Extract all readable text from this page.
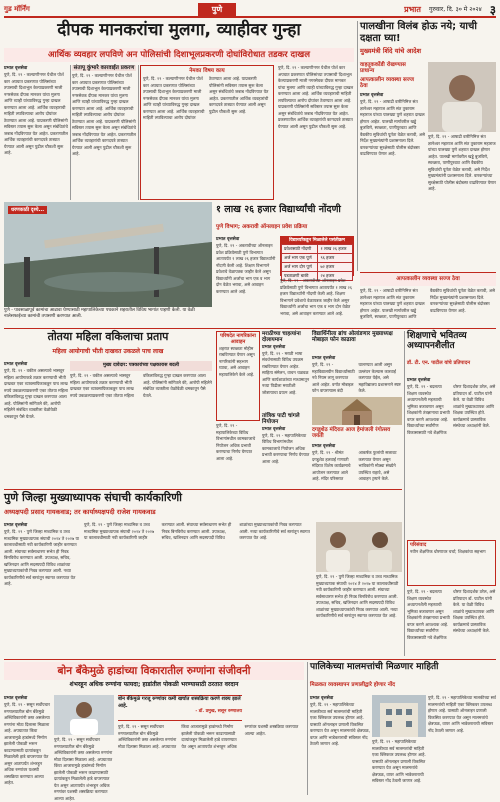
गुड मॉर्निंग	पुणे	प्रभात गुरुवार, दि. ३० मे २०२४ ३
दीपक मानकरांचा मुलगा, व्याहीवर गुन्हा
आर्थिक व्यवहार लपविणे अन पोलिसांची दिशाभूलप्रकरणी दोघांविरोधात तडकर दाखल
प्रभात वृत्तसेवा
पुणे, दि. २९ - कल्याणीनगर येथील पोर्श कार अपघात प्रकरणात पोलिसांच्या तपासाची दिशाभूल केल्याप्रकरणी माजी नगरसेवक दीपक मानकर यांचा मुलगा आणि व्याही यांच्याविरुद्ध गुन्हा दाखल करण्यात आला आहे. आर्थिक व्यवहाराची माहिती लपविल्याचा आरोप दोघांवर ठेवण्यात आला आहे. याप्रकरणी पोलिसांनी सविस्तर तपास सुरू केला असून संबंधितांचे जबाब नोंदविण्यात येत आहेत. प्रकरणातील आर्थिक व्यवहारांची कागदपत्रे ताब्यात घेण्यात आली असून पुढील चौकशी सुरू आहे.
संतापू कुंभारे कारवाईत प्रकरण
पुणे, दि. २९ - कल्याणीनगर येथील पोर्श कार अपघात प्रकरणात पोलिसांच्या तपासाची दिशाभूल केल्याप्रकरणी माजी नगरसेवक दीपक मानकर यांचा मुलगा आणि व्याही यांच्याविरुद्ध गुन्हा दाखल करण्यात आला आहे. आर्थिक व्यवहाराची माहिती लपविल्याचा आरोप दोघांवर ठेवण्यात आला आहे. याप्रकरणी पोलिसांनी सविस्तर तपास सुरू केला असून संबंधितांचे जबाब नोंदविण्यात येत आहेत. प्रकरणातील आर्थिक व्यवहारांची कागदपत्रे ताब्यात घेण्यात आली असून पुढील चौकशी सुरू आहे.
नेमका विषय काय
पुणे, दि. २९ - कल्याणीनगर येथील पोर्श कार अपघात प्रकरणात पोलिसांच्या तपासाची दिशाभूल केल्याप्रकरणी माजी नगरसेवक दीपक मानकर यांचा मुलगा आणि व्याही यांच्याविरुद्ध गुन्हा दाखल करण्यात आला आहे. आर्थिक व्यवहाराची माहिती लपविल्याचा आरोप दोघांवर ठेवण्यात आला आहे. याप्रकरणी पोलिसांनी सविस्तर तपास सुरू केला असून संबंधितांचे जबाब नोंदविण्यात येत आहेत. प्रकरणातील आर्थिक व्यवहारांची कागदपत्रे ताब्यात घेण्यात आली असून पुढील चौकशी सुरू आहे.
पुणे, दि. २९ - कल्याणीनगर येथील पोर्श कार अपघात प्रकरणात पोलिसांच्या तपासाची दिशाभूल केल्याप्रकरणी माजी नगरसेवक दीपक मानकर यांचा मुलगा आणि व्याही यांच्याविरुद्ध गुन्हा दाखल करण्यात आला आहे. आर्थिक व्यवहाराची माहिती लपविल्याचा आरोप दोघांवर ठेवण्यात आला आहे. याप्रकरणी पोलिसांनी सविस्तर तपास सुरू केला असून संबंधितांचे जबाब नोंदविण्यात येत आहेत. प्रकरणातील आर्थिक व्यवहारांची कागदपत्रे ताब्यात घेण्यात आली असून पुढील चौकशी सुरू आहे.
धरणकाठी दृश्ये...
पुणे - पावसाळापूर्व कामांचा आढावा घेण्यासाठी महापालिकेच्या पथकाने शहरातील विविध भागांत पाहणी केली. या वेळी नालेसफाईच्या कामांची तपासणी करण्यात आली.
पालखीना विलंब होऊ नये; याची दक्षता घ्या!
मुख्यमंत्री शिंदे यांचे आदेश
वाहतूककोंडी रोखण्यास प्राधान्य
आपत्कालीन व्यवस्था सज्ज ठेवा
प्रभात वृत्तसेवा
पुणे, दि. २९ - आषाढी वारीनिमित्त संत ज्ञानेश्वर महाराज आणि संत तुकाराम महाराज यांच्या पालख्या पुणे शहरात दाखल होणार आहेत. पालखी मार्गावरील खड्डे बुजविणे, स्वच्छता, पाणीपुरवठा आणि वैद्यकीय सुविधांची पूर्तता वेळेत करावी, असे निर्देश मुख्यमंत्र्यांनी प्रशासनाला दिले. वारकऱ्यांच्या सुरक्षेसाठी पोलीस बंदोबस्त वाढविण्यात येणार आहे.
पुणे, दि. २९ - आषाढी वारीनिमित्त संत ज्ञानेश्वर महाराज आणि संत तुकाराम महाराज यांच्या पालख्या पुणे शहरात दाखल होणार आहेत. पालखी मार्गावरील खड्डे बुजविणे, स्वच्छता, पाणीपुरवठा आणि वैद्यकीय सुविधांची पूर्तता वेळेत करावी, असे निर्देश मुख्यमंत्र्यांनी प्रशासनाला दिले. वारकऱ्यांच्या सुरक्षेसाठी पोलीस बंदोबस्त वाढविण्यात येणार आहे.
१ लाख २६ हजार विद्यार्थ्यांची नोंदणी
पुणे विभाग; अकरावी ऑनलाइन प्रवेश प्रक्रिया
प्रभात वृत्तसेवा
पुणे, दि. २९ - अकरावीच्या ऑनलाइन प्रवेश प्रक्रियेसाठी पुणे विभागात आतापर्यंत १ लाख २६ हजार विद्यार्थ्यांनी नोंदणी केली आहे. शिक्षण विभागाने प्रवेशाचे वेळापत्रक जाहीर केले असून विद्यार्थ्यांनी अर्जाचा भाग एक व भाग दोन वेळेत भरावा, असे आवाहन करण्यात आले आहे.
विद्यार्थ्यांकडून मिळालेले पसंतीक्रम
प्रवेशासाठी नोंदणी	१ लाख २६ हजार
अर्ज भाग एक पूर्ण	९६ हजार
अर्ज भाग दोन पूर्ण	७२ हजार
पडताळणी बाकी	२४ हजार
पुणे, दि. २९ - अकरावीच्या ऑनलाइन प्रवेश प्रक्रियेसाठी पुणे विभागात आतापर्यंत १ लाख २६ हजार विद्यार्थ्यांनी नोंदणी केली आहे. शिक्षण विभागाने प्रवेशाचे वेळापत्रक जाहीर केले असून विद्यार्थ्यांनी अर्जाचा भाग एक व भाग दोन वेळेत भरावा, असे आवाहन करण्यात आले आहे.
आपत्कालीन व्यवस्था सज्ज ठेवा
पुणे, दि. २९ - आषाढी वारीनिमित्त संत ज्ञानेश्वर महाराज आणि संत तुकाराम महाराज यांच्या पालख्या पुणे शहरात दाखल होणार आहेत. पालखी मार्गावरील खड्डे बुजविणे, स्वच्छता, पाणीपुरवठा आणि वैद्यकीय सुविधांची पूर्तता वेळेत करावी, असे निर्देश मुख्यमंत्र्यांनी प्रशासनाला दिले. वारकऱ्यांच्या सुरक्षेसाठी पोलीस बंदोबस्त वाढविण्यात येणार आहे.
तोतया महिला वकिलाचा प्रताप
महिला आयोगाची भीती दाखवत उकळले पाच लाख
प्रभात वृत्तसेवा
पुणे, दि. २९ - वकील असल्याचे भासवून महिला आयोगाकडे तक्रार करण्याची भीती दाखवत एका व्यावसायिकाकडून पाच लाख रुपये उकळल्याप्रकरणी एका तोतया महिला वकिलाविरुद्ध गुन्हा दाखल करण्यात आला आहे. पोलिसांनी सांगितले की, आरोपी महिलेने संबंधित व्यक्तीला वेळोवेळी धमकावून पैसे घेतले.
मुख्य दावेदार: पत्रकारांच्या पक्षकारास बदली
पुणे, दि. २९ - वकील असल्याचे भासवून महिला आयोगाकडे तक्रार करण्याची भीती दाखवत एका व्यावसायिकाकडून पाच लाख रुपये उकळल्याप्रकरणी एका तोतया महिला वकिलाविरुद्ध गुन्हा दाखल करण्यात आला आहे. पोलिसांनी सांगितले की, आरोपी महिलेने संबंधित व्यक्तीला वेळोवेळी धमकावून पैसे घेतले.
परिषदेत नागरिकांना आवाहन
शहरात स्वच्छता मोहीम राबविण्यात येणार असून नागरिकांनी सहभाग घ्यावा, असे आवाहन महापालिकेने केले आहे.
मराठीच्या चाहत्यांना दोलायमान
प्रभात वृत्तसेवा
पुणे, दि. २९ - मराठी भाषा संवर्धनासाठी विविध उपक्रम राबविण्यात येणार आहेत. साहित्य संमेलन, वाचन चळवळ आणि कार्यशाळांच्या माध्यमातून नव्या पिढीला मराठीशी जोडण्याचा प्रयत्न आहे.
तांत्रिक पाटी चांगले नियोजन
प्रभात वृत्तसेवा
पुणे, दि. २९ - महापालिकेच्या विविध विभागांमधील कामकाजाचे नियोजन अधिक प्रभावी करण्याचा निर्णय घेण्यात आला आहे.
पुणे, दि. २९ - महापालिकेच्या विविध विभागांमधील कामकाजाचे नियोजन अधिक प्रभावी करण्याचा निर्णय घेण्यात आला आहे.
विद्यार्थिनीला ब्रांच ओलांडणार मुख्याध्यक्ष मोबाइल फोन काढावा
प्रभात वृत्तसेवा
पुणे, दि. २९ - महाविद्यालयीन विद्यार्थ्यांसाठी नवे नियम लागू करण्यात आले आहेत. वर्गात मोबाइल फोन वापरण्यास बंदी घालण्यात आली असून उल्लंघन केल्यास कारवाई करण्यात येईल, असे महाविद्यालय प्रशासनाने स्पष्ट केले.
दगडूशेठ मंदिरात आज हेमांजली रंगोत्सव जयंती
प्रभात वृत्तसेवा
पुणे, दि. २९ - श्रीमंत दगडूशेठ हलवाई गणपती मंदिरात विशेष कार्यक्रमाचे आयोजन करण्यात आले आहे. मंदिर परिसरात आकर्षक फुलांची सजावट करण्यात येणार असून भाविकांनी मोठ्या संख्येने उपस्थित राहावे, असे आवाहन ट्रस्टने केले.
शिक्षणाचे भवितव्य अध्यापनशैलीत
डॉ. टी. एन. पाटील यांचे प्रतिपादन
प्रभात वृत्तसेवा
पुणे, दि. २९ - बदलत्या शिक्षण व्यवस्थेत अध्यापनशैली महत्त्वाची भूमिका बजावणार असून शिक्षकांनी तंत्रज्ञानाचा प्रभावी वापर करणे आवश्यक आहे. विद्यार्थ्यांच्या सर्वांगीण विकासासाठी नवे शैक्षणिक धोरण दिशादर्शक ठरेल, असे प्रतिपादन डॉ. पाटील यांनी केले. या वेळी विविध शाळांचे मुख्याध्यापक आणि शिक्षक उपस्थित होते. कार्यक्रमाचे प्रास्ताविक संस्थेच्या अध्यक्षांनी केले.
परिसंवाद
नवीन शैक्षणिक धोरणावर चर्चा; शिक्षकांचा सहभाग
पुणे, दि. २९ - बदलत्या शिक्षण व्यवस्थेत अध्यापनशैली महत्त्वाची भूमिका बजावणार असून शिक्षकांनी तंत्रज्ञानाचा प्रभावी वापर करणे आवश्यक आहे. विद्यार्थ्यांच्या सर्वांगीण विकासासाठी नवे शैक्षणिक धोरण दिशादर्शक ठरेल, असे प्रतिपादन डॉ. पाटील यांनी केले. या वेळी विविध शाळांचे मुख्याध्यापक आणि शिक्षक उपस्थित होते. कार्यक्रमाचे प्रास्ताविक संस्थेच्या अध्यक्षांनी केले.
पुणे जिल्हा मुख्याध्यापक संघाची कार्यकारिणी
अध्यक्षपदी प्रसाद गायकवाड; तर कार्याध्यक्षपदी राजेश गायकवाड
प्रभात वृत्तसेवा
पुणे, दि. २९ - पुणे जिल्हा माध्यमिक व उच्च माध्यमिक मुख्याध्यापक संघाची २०२४ ते २०२७ या कालावधीसाठी नवी कार्यकारिणी जाहीर करण्यात आली. संघाच्या सर्वसाधारण सभेत ही निवड बिनविरोध करण्यात आली. उपाध्यक्ष, सचिव, खजिनदार आणि सदस्यपदी विविध शाळांच्या मुख्याध्यापकांची निवड करण्यात आली. नव्या कार्यकारिणीचे सर्व स्तरांतून स्वागत करण्यात येत आहे.
पुणे, दि. २९ - पुणे जिल्हा माध्यमिक व उच्च माध्यमिक मुख्याध्यापक संघाची २०२४ ते २०२७ या कालावधीसाठी नवी कार्यकारिणी जाहीर करण्यात आली. संघाच्या सर्वसाधारण सभेत ही निवड बिनविरोध करण्यात आली. उपाध्यक्ष, सचिव, खजिनदार आणि सदस्यपदी विविध शाळांच्या मुख्याध्यापकांची निवड करण्यात आली. नव्या कार्यकारिणीचे सर्व स्तरांतून स्वागत करण्यात येत आहे.
पुणे, दि. २९ - पुणे जिल्हा माध्यमिक व उच्च माध्यमिक मुख्याध्यापक संघाची २०२४ ते २०२७ या कालावधीसाठी नवी कार्यकारिणी जाहीर करण्यात आली. संघाच्या सर्वसाधारण सभेत ही निवड बिनविरोध करण्यात आली. उपाध्यक्ष, सचिव, खजिनदार आणि सदस्यपदी विविध शाळांच्या मुख्याध्यापकांची निवड करण्यात आली. नव्या कार्यकारिणीचे सर्व स्तरांतून स्वागत करण्यात येत आहे.
बोन बँकेमुळे हाडांच्या विकारातील रुग्णांना संजीवनी
शंभरहून अधिक रुग्णांना फायदा; हाडांतील पोकळी भरण्यासाठी ठरतात वरदान
प्रभात वृत्तसेवा
पुणे, दि. २९ - ससून सर्वोपचार रुग्णालयातील बोन बँकेमुळे अस्थिविकारांनी त्रस्त असलेल्या रुग्णांना मोठा दिलासा मिळाला आहे. अपघातात किंवा आजारामुळे हाडांमध्ये निर्माण झालेली पोकळी भरून काढण्यासाठी दात्यांकडून मिळालेली हाडे वापरण्यात येत असून आतापर्यंत शंभरहून अधिक रुग्णांवर यशस्वी शस्त्रक्रिया करण्यात आल्या आहेत.
पुणे, दि. २९ - ससून सर्वोपचार रुग्णालयातील बोन बँकेमुळे अस्थिविकारांनी त्रस्त असलेल्या रुग्णांना मोठा दिलासा मिळाला आहे. अपघातात किंवा आजारामुळे हाडांमध्ये निर्माण झालेली पोकळी भरून काढण्यासाठी दात्यांकडून मिळालेली हाडे वापरण्यात येत असून आतापर्यंत शंभरहून अधिक रुग्णांवर यशस्वी शस्त्रक्रिया करण्यात आल्या आहेत.
बोन बँकेमुळे गरजू रुग्णांवर कमी खर्चात शस्त्रक्रिया करणे शक्य झाले आहे.
- डॉ. प्रमुख, ससून रुग्णालय
पुणे, दि. २९ - ससून सर्वोपचार रुग्णालयातील बोन बँकेमुळे अस्थिविकारांनी त्रस्त असलेल्या रुग्णांना मोठा दिलासा मिळाला आहे. अपघातात किंवा आजारामुळे हाडांमध्ये निर्माण झालेली पोकळी भरून काढण्यासाठी दात्यांकडून मिळालेली हाडे वापरण्यात येत असून आतापर्यंत शंभरहून अधिक रुग्णांवर यशस्वी शस्त्रक्रिया करण्यात आल्या आहेत.
पालिकेच्या मालमत्तांची मिळणार माहिती
मिळकत व्यवस्थापन प्रणालीद्वारे होणार नोंद
प्रभात वृत्तसेवा
पुणे, दि. २९ - महापालिकेच्या मालकीच्या सर्व मालमत्तांची माहिती एका क्लिकवर उपलब्ध होणार आहे. यासाठी ऑनलाइन प्रणाली विकसित करण्यात येत असून मालमत्तांचे क्षेत्रफळ, वापर आणि भाडेकराराची सविस्तर नोंद ठेवली जाणार आहे.
पुणे, दि. २९ - महापालिकेच्या मालकीच्या सर्व मालमत्तांची माहिती एका क्लिकवर उपलब्ध होणार आहे. यासाठी ऑनलाइन प्रणाली विकसित करण्यात येत असून मालमत्तांचे क्षेत्रफळ, वापर आणि भाडेकराराची सविस्तर नोंद ठेवली जाणार आहे.
पुणे, दि. २९ - महापालिकेच्या मालकीच्या सर्व मालमत्तांची माहिती एका क्लिकवर उपलब्ध होणार आहे. यासाठी ऑनलाइन प्रणाली विकसित करण्यात येत असून मालमत्तांचे क्षेत्रफळ, वापर आणि भाडेकराराची सविस्तर नोंद ठेवली जाणार आहे.
